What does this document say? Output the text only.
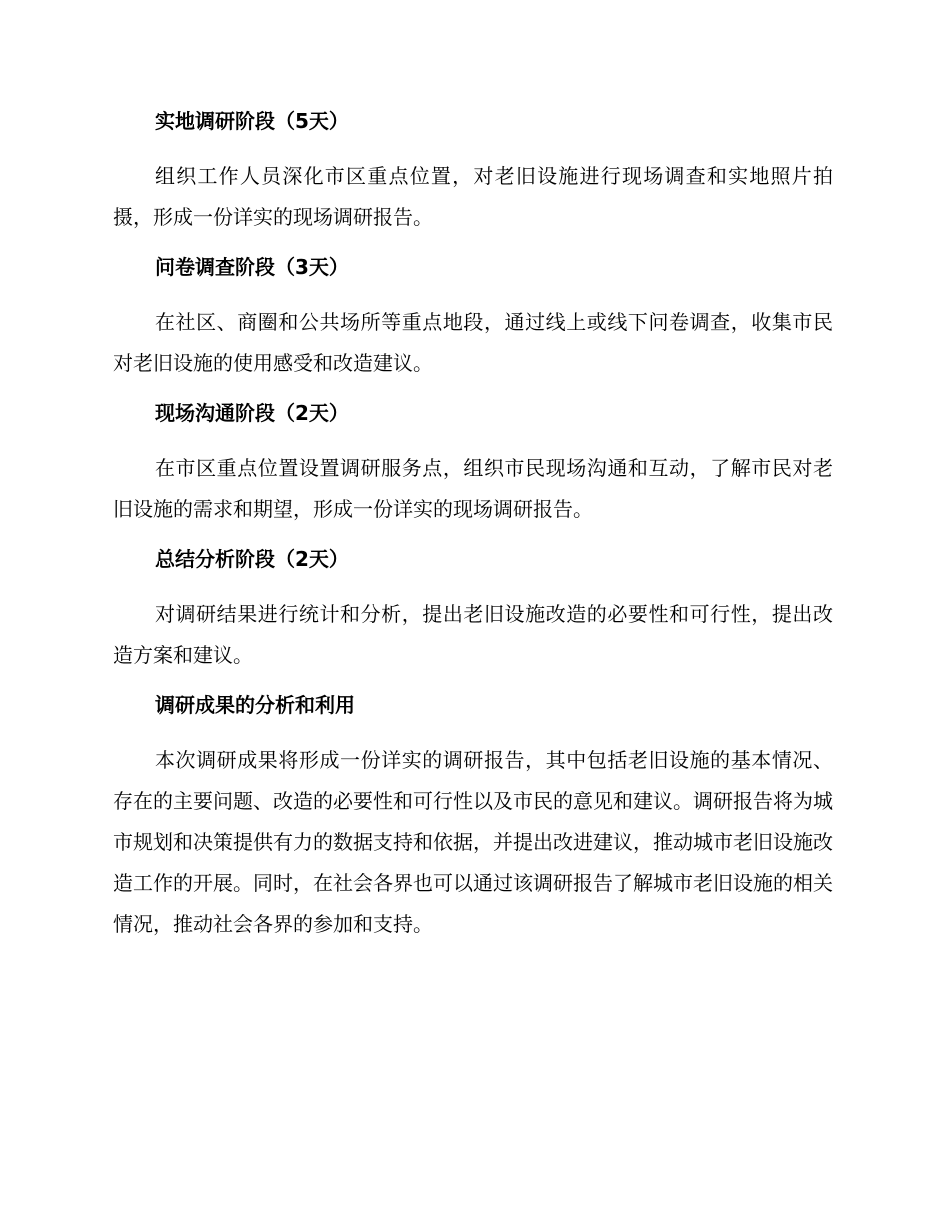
实地调研阶段（5天）

组织工作人员深化市区重点位置，对老旧设施进行现场调查和实地照片拍摄，形成一份详实的现场调研报告。

问卷调查阶段（3天）

在社区、商圈和公共场所等重点地段，通过线上或线下问卷调查，收集市民对老旧设施的使用感受和改造建议。

现场沟通阶段（2天）

在市区重点位置设置调研服务点，组织市民现场沟通和互动，了解市民对老旧设施的需求和期望，形成一份详实的现场调研报告。

总结分析阶段（2天）

对调研结果进行统计和分析，提出老旧设施改造的必要性和可行性，提出改造方案和建议。

调研成果的分析和利用

本次调研成果将形成一份详实的调研报告，其中包括老旧设施的基本情况、存在的主要问题、改造的必要性和可行性以及市民的意见和建议。调研报告将为城市规划和决策提供有力的数据支持和依据，并提出改进建议，推动城市老旧设施改造工作的开展。同时，在社会各界也可以通过该调研报告了解城市老旧设施的相关情况，推动社会各界的参加和支持。
